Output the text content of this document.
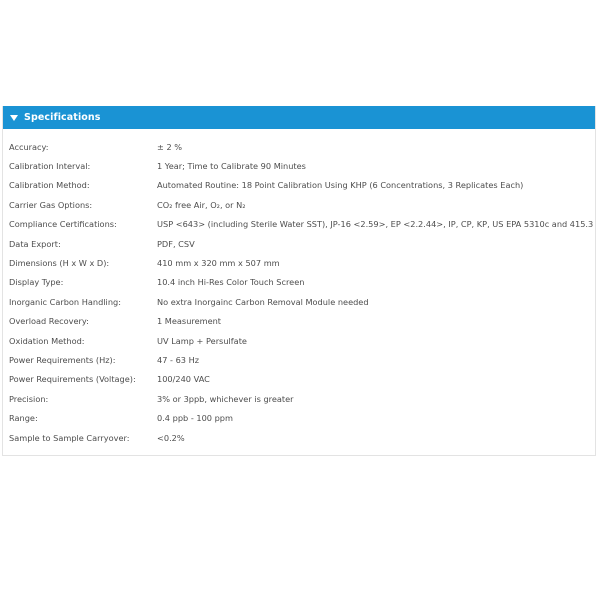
Specifications
Accuracy:	± 2 %
Calibration Interval:	1 Year; Time to Calibrate 90 Minutes
Calibration Method:	Automated Routine: 18 Point Calibration Using KHP (6 Concentrations, 3 Replicates Each)
Carrier Gas Options:	CO₂ free Air, O₂, or N₂
Compliance Certifications:	USP <643> (including Sterile Water SST), JP-16 <2.59>, EP <2.2.44>, IP, CP, KP, US EPA 5310c and 415.3
Data Export:	PDF, CSV
Dimensions (H x W x D):	410 mm x 320 mm x 507 mm
Display Type:	10.4 inch Hi-Res Color Touch Screen
Inorganic Carbon Handling:	No extra Inorgainc Carbon Removal Module needed
Overload Recovery:	1 Measurement
Oxidation Method:	UV Lamp + Persulfate
Power Requirements (Hz):	47 - 63 Hz
Power Requirements (Voltage):	100/240 VAC
Precision:	3% or 3ppb, whichever is greater
Range:	0.4 ppb - 100 ppm
Sample to Sample Carryover:	<0.2%
